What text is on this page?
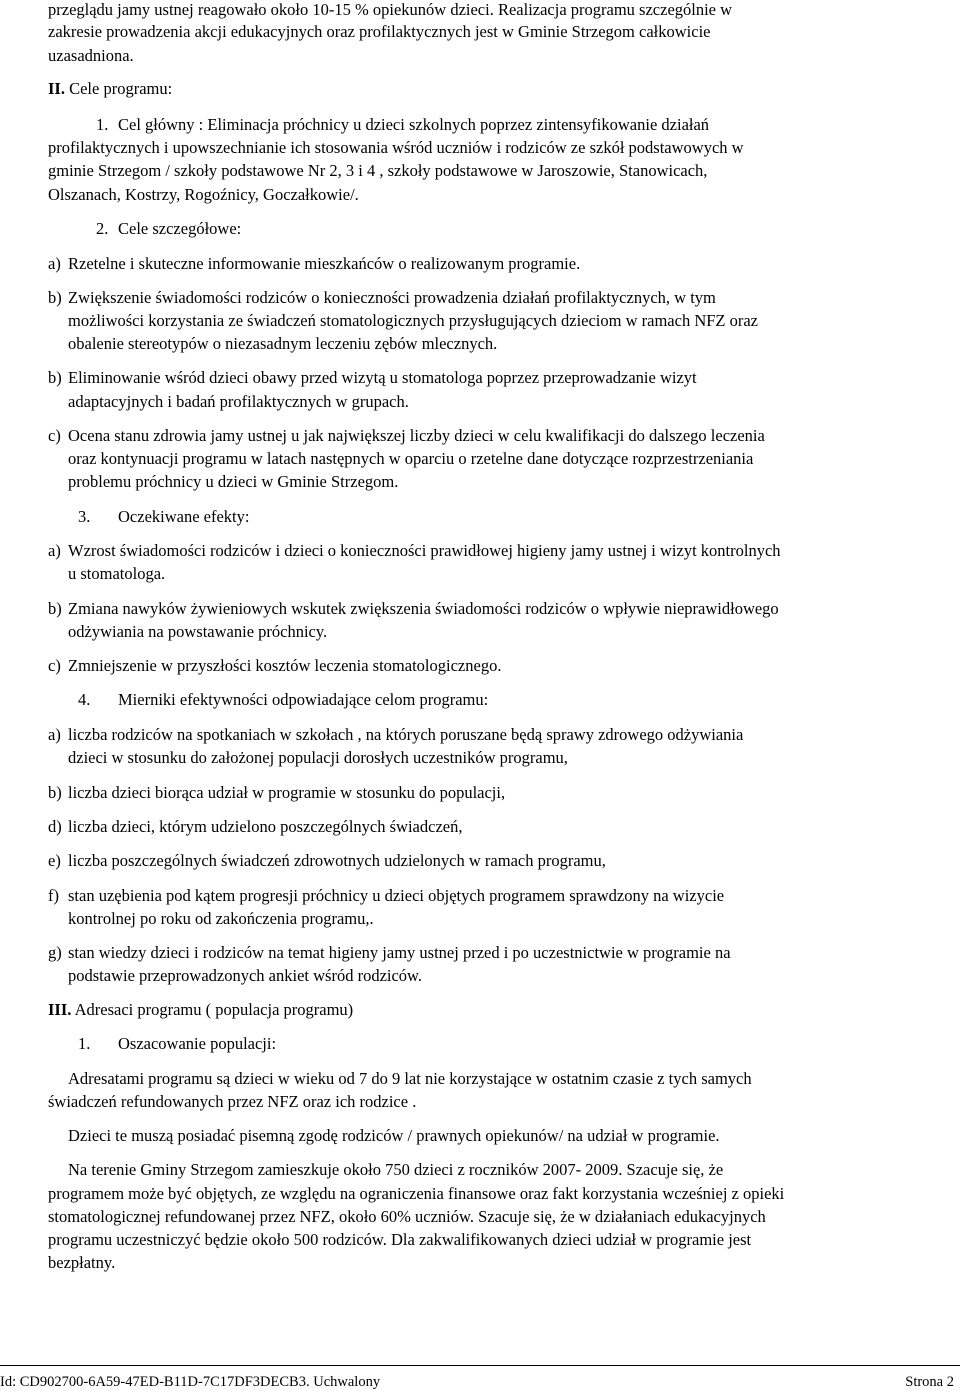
przeglądu jamy ustnej reagowało około 10-15 % opiekunów dzieci. Realizacja programu szczególnie w
zakresie prowadzenia akcji edukacyjnych oraz profilaktycznych jest w Gminie Strzegom całkowicie
uzasadniona.
II. Cele programu:
1. Cel główny : Eliminacja próchnicy u dzieci szkolnych poprzez zintensyfikowanie działań
profilaktycznych i upowszechnianie ich stosowania wśród uczniów i rodziców ze szkół podstawowych w
gminie Strzegom / szkoły podstawowe Nr 2, 3 i 4 , szkoły podstawowe w Jaroszowie, Stanowicach,
Olszanach, Kostrzy, Rogoźnicy, Goczałkowie/.
2. Cele szczegółowe:
a) Rzetelne i skuteczne informowanie mieszkańców o realizowanym programie.
b) Zwiększenie świadomości rodziców o konieczności prowadzenia działań profilaktycznych, w tym
możliwości korzystania ze świadczeń stomatologicznych przysługujących dzieciom w ramach NFZ oraz
obalenie stereotypów o niezasadnym leczeniu zębów mlecznych.
b) Eliminowanie wśród dzieci obawy przed wizytą u stomatologa poprzez przeprowadzanie wizyt
adaptacyjnych i badań profilaktycznych w grupach.
c) Ocena stanu zdrowia jamy ustnej u jak największej liczby dzieci w celu kwalifikacji do dalszego leczenia
oraz kontynuacji programu w latach następnych w oparciu o rzetelne dane dotyczące rozprzestrzeniania
problemu próchnicy u dzieci w Gminie Strzegom.
3. Oczekiwane efekty:
a) Wzrost świadomości rodziców i dzieci o konieczności prawidłowej higieny jamy ustnej i wizyt kontrolnych
u stomatologa.
b) Zmiana nawyków żywieniowych wskutek zwiększenia świadomości rodziców o wpływie nieprawidłowego
odżywiania na powstawanie próchnicy.
c) Zmniejszenie w przyszłości kosztów leczenia stomatologicznego.
4. Mierniki efektywności odpowiadające celom programu:
a) liczba rodziców na spotkaniach w szkołach , na których poruszane będą sprawy zdrowego odżywiania
dzieci w stosunku do założonej populacji dorosłych uczestników programu,
b) liczba dzieci biorąca udział w programie w stosunku do populacji,
d) liczba dzieci, którym udzielono poszczególnych świadczeń,
e) liczba poszczególnych świadczeń zdrowotnych udzielonych w ramach programu,
f) stan uzębienia pod kątem progresji próchnicy u dzieci objętych programem sprawdzony na wizycie
kontrolnej po roku od zakończenia programu,.
g) stan wiedzy dzieci i rodziców na temat higieny jamy ustnej przed i po uczestnictwie w programie na
podstawie przeprowadzonych ankiet wśród rodziców.
III. Adresaci programu ( populacja programu)
1. Oszacowanie populacji:
Adresatami programu są dzieci w wieku od 7 do 9 lat nie korzystające w ostatnim czasie z tych samych
świadczeń refundowanych przez NFZ oraz ich rodzice .
Dzieci te muszą posiadać pisemną zgodę rodziców / prawnych opiekunów/ na udział w programie.
Na terenie Gminy Strzegom zamieszkuje około 750 dzieci z roczników 2007- 2009. Szacuje się, że
programem może być objętych, ze względu na ograniczenia finansowe oraz fakt korzystania wcześniej z opieki
stomatologicznej refundowanej przez NFZ, około 60% uczniów. Szacuje się, że w działaniach edukacyjnych
programu uczestniczyć będzie około 500 rodziców. Dla zakwalifikowanych dzieci udział w programie jest
bezpłatny.
Id: CD902700-6A59-47ED-B11D-7C17DF3DECB3. Uchwalony	Strona 2
